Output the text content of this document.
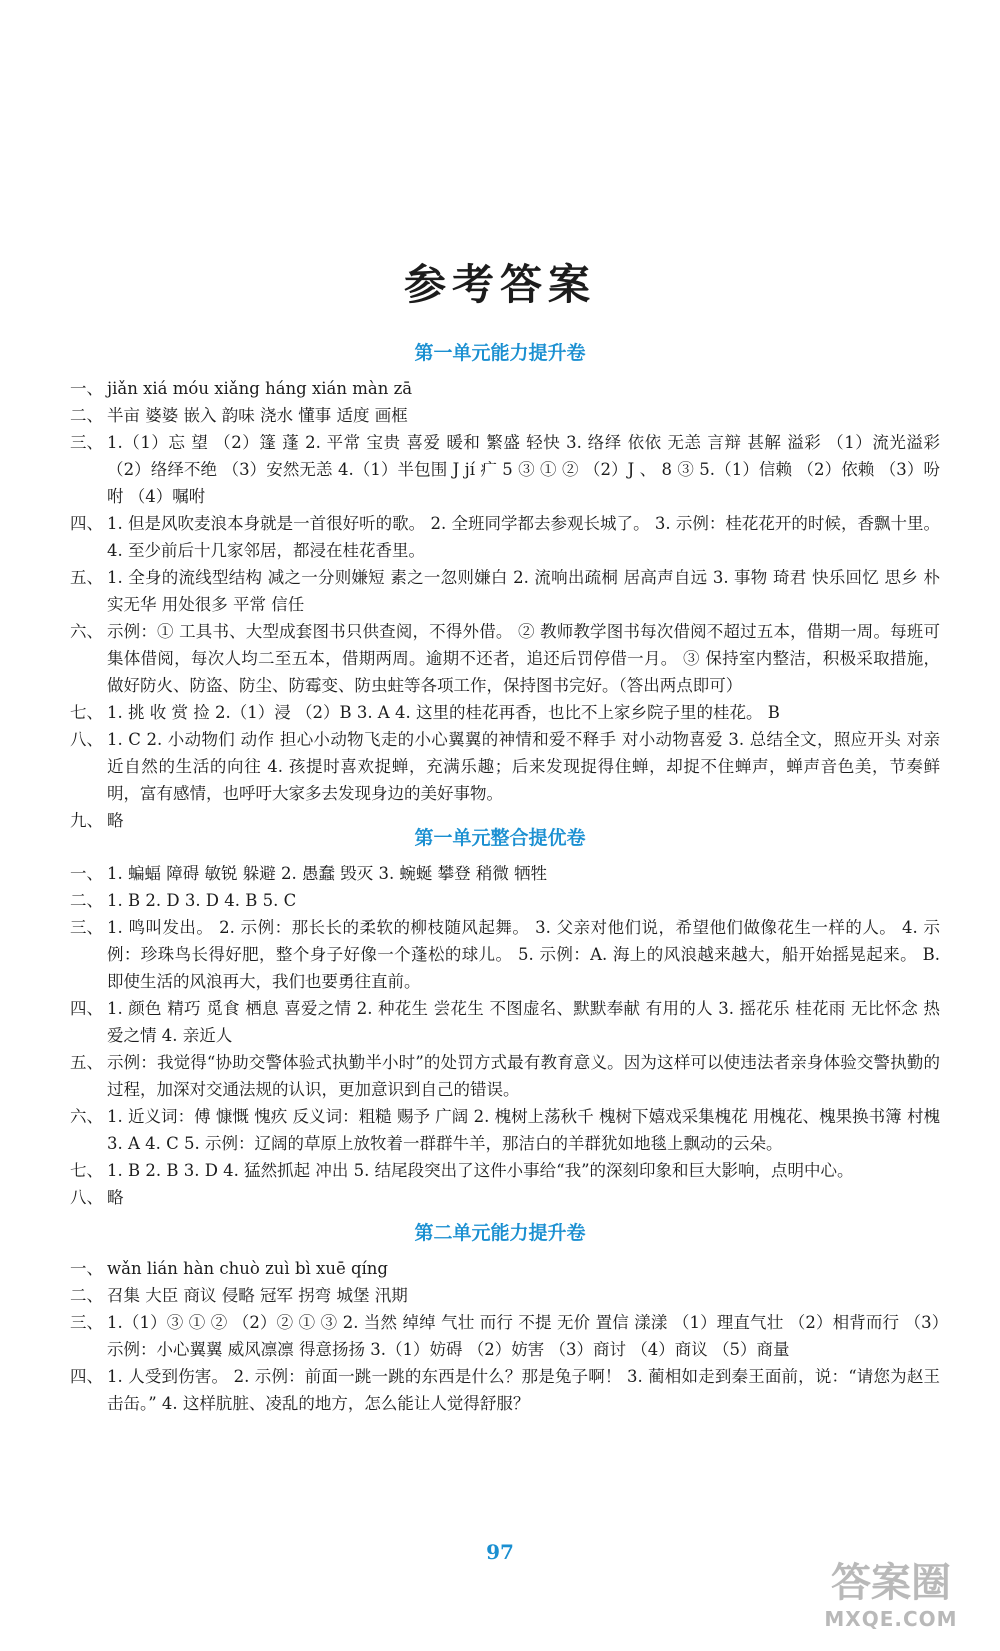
参考答案
第一单元能力提升卷
一、 jiǎn xiá móu xiǎng háng xián màn zā
二、 半亩 婆婆 嵌入 韵味 浇水 懂事 适度 画框
三、 1.（1）忘 望 （2）篷 蓬 2. 平常 宝贵 喜爱 暖和 繁盛 轻快 3. 络绎 依依 无恙 言辩 甚解 溢彩 （1）流光溢彩 （2）络绎不绝 （3）安然无恙 4.（1）半包围 J jí 疒 5 ③ ① ② （2）J 、 8 ③ 5.（1）信赖 （2）依赖 （3）吩咐 （4）嘱咐
四、 1. 但是风吹麦浪本身就是一首很好听的歌。 2. 全班同学都去参观长城了。 3. 示例：桂花花开的时候，香飘十里。 4. 至少前后十几家邻居，都浸在桂花香里。
五、 1. 全身的流线型结构 减之一分则嫌短 素之一忽则嫌白 2. 流响出疏桐 居高声自远 3. 事物 琦君 快乐回忆 思乡 朴实无华 用处很多 平常 信任
六、 示例：① 工具书、大型成套图书只供查阅，不得外借。 ② 教师教学图书每次借阅不超过五本，借期一周。每班可集体借阅，每次人均二至五本，借期两周。逾期不还者，追还后罚停借一月。 ③ 保持室内整洁，积极采取措施，做好防火、防盗、防尘、防霉变、防虫蛀等各项工作，保持图书完好。（答出两点即可）
七、 1. 挑 收 赏 捡 2.（1）浸 （2）B 3. A 4. 这里的桂花再香，也比不上家乡院子里的桂花。 B
八、 1. C 2. 小动物们 动作 担心小动物飞走的小心翼翼的神情和爱不释手 对小动物喜爱 3. 总结全文，照应开头 对亲近自然的生活的向往 4. 孩提时喜欢捉蝉，充满乐趣；后来发现捉得住蝉，却捉不住蝉声，蝉声音色美，节奏鲜明，富有感情，也呼吁大家多去发现身边的美好事物。
九、 略
第一单元整合提优卷
一、 1. 蝙蝠 障碍 敏锐 躲避 2. 愚蠢 毁灭 3. 蜿蜒 攀登 稍微 牺牲
二、 1. B 2. D 3. D 4. B 5. C
三、 1. 鸣叫发出。 2. 示例：那长长的柔软的柳枝随风起舞。 3. 父亲对他们说，希望他们做像花生一样的人。 4. 示例：珍珠鸟长得好肥，整个身子好像一个蓬松的球儿。 5. 示例：A. 海上的风浪越来越大，船开始摇晃起来。 B. 即使生活的风浪再大，我们也要勇往直前。
四、 1. 颜色 精巧 觅食 栖息 喜爱之情 2. 种花生 尝花生 不图虚名、默默奉献 有用的人 3. 摇花乐 桂花雨 无比怀念 热爱之情 4. 亲近人
五、 示例：我觉得“协助交警体验式执勤半小时”的处罚方式最有教育意义。因为这样可以使违法者亲身体验交警执勤的过程，加深对交通法规的认识，更加意识到自己的错误。
六、 1. 近义词：傅 慷慨 愧疚 反义词：粗糙 赐予 广阔 2. 槐树上荡秋千 槐树下嬉戏采集槐花 用槐花、槐果换书簿 村槐 3. A 4. C 5. 示例：辽阔的草原上放牧着一群群牛羊，那洁白的羊群犹如地毯上飘动的云朵。
七、 1. B 2. B 3. D 4. 猛然抓起 冲出 5. 结尾段突出了这件小事给“我”的深刻印象和巨大影响，点明中心。
八、 略
第二单元能力提升卷
一、 wǎn lián hàn chuò zuì bì xuē qíng
二、 召集 大臣 商议 侵略 冠军 拐弯 城堡 汛期
三、 1.（1）③ ① ② （2）② ① ③ 2. 当然 绰绰 气壮 而行 不提 无价 置信 漾漾 （1）理直气壮 （2）相背而行 （3）示例：小心翼翼 威风凛凛 得意扬扬 3.（1）妨碍 （2）妨害 （3）商讨 （4）商议 （5）商量
四、 1. 人受到伤害。 2. 示例：前面一跳一跳的东西是什么？那是兔子啊！ 3. 蔺相如走到秦王面前，说：“请您为赵王击缶。” 4. 这样肮脏、凌乱的地方，怎么能让人觉得舒服？
97
答案圈
MXQE.COM
